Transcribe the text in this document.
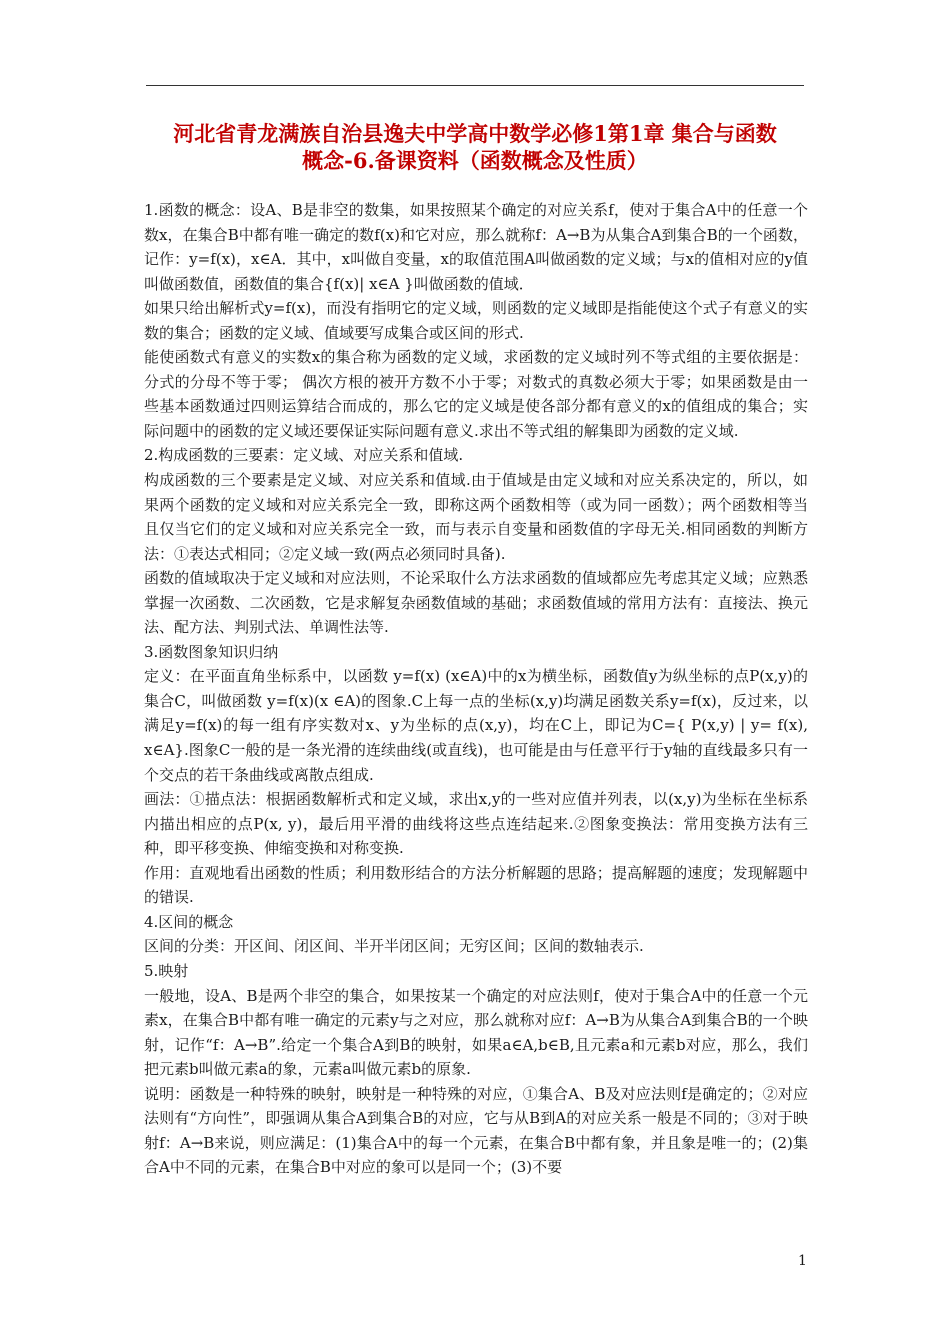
河北省青龙满族自治县逸夫中学高中数学必修1第1章 集合与函数
概念-6.备课资料（函数概念及性质）

1.函数的概念：设A、B是非空的数集，如果按照某个确定的对应关系f，使对于集合A中的任意一个数x，在集合B中都有唯一确定的数f(x)和它对应，那么就称f：A→B为从集合A到集合B的一个函数，记作：y=f(x)，x∈A．其中，x叫做自变量，x的取值范围A叫做函数的定义域；与x的值相对应的y值叫做函数值，函数值的集合{f(x)| x∈A }叫做函数的值域．

如果只给出解析式y=f(x)，而没有指明它的定义域，则函数的定义域即是指能使这个式子有意义的实数的集合；函数的定义域、值域要写成集合或区间的形式.

能使函数式有意义的实数x的集合称为函数的定义域，求函数的定义域时列不等式组的主要依据是：分式的分母不等于零； 偶次方根的被开方数不小于零；对数式的真数必须大于零；如果函数是由一些基本函数通过四则运算结合而成的，那么它的定义域是使各部分都有意义的x的值组成的集合；实际问题中的函数的定义域还要保证实际问题有意义.求出不等式组的解集即为函数的定义域.

2.构成函数的三要素：定义域、对应关系和值域.

构成函数的三个要素是定义域、对应关系和值域.由于值域是由定义域和对应关系决定的，所以，如果两个函数的定义域和对应关系完全一致，即称这两个函数相等（或为同一函数）；两个函数相等当且仅当它们的定义域和对应关系完全一致，而与表示自变量和函数值的字母无关.相同函数的判断方法：①表达式相同；②定义域一致(两点必须同时具备).

函数的值域取决于定义域和对应法则，不论采取什么方法求函数的值域都应先考虑其定义域；应熟悉掌握一次函数、二次函数，它是求解复杂函数值域的基础；求函数值域的常用方法有：直接法、换元法、配方法、判别式法、单调性法等.

3.函数图象知识归纳

定义：在平面直角坐标系中，以函数 y=f(x) (x∈A)中的x为横坐标，函数值y为纵坐标的点P(x,y)的集合C，叫做函数 y=f(x)(x ∈A)的图象.C上每一点的坐标(x,y)均满足函数关系y=f(x)，反过来，以满足y=f(x)的每一组有序实数对x、y为坐标的点(x,y)，均在C上，即记为C={ P(x,y) | y= f(x), x∈A}.图象C一般的是一条光滑的连续曲线(或直线)，也可能是由与任意平行于y轴的直线最多只有一个交点的若干条曲线或离散点组成.

画法：①描点法：根据函数解析式和定义域，求出x,y的一些对应值并列表，以(x,y)为坐标在坐标系内描出相应的点P(x, y)，最后用平滑的曲线将这些点连结起来.②图象变换法：常用变换方法有三种，即平移变换、伸缩变换和对称变换.

作用：直观地看出函数的性质；利用数形结合的方法分析解题的思路；提高解题的速度；发现解题中的错误.

4.区间的概念

区间的分类：开区间、闭区间、半开半闭区间；无穷区间；区间的数轴表示.

5.映射

一般地，设A、B是两个非空的集合，如果按某一个确定的对应法则f，使对于集合A中的任意一个元素x，在集合B中都有唯一确定的元素y与之对应，那么就称对应f：A→B为从集合A到集合B的一个映射，记作“f：A→B”.给定一个集合A到B的映射，如果a∈A,b∈B,且元素a和元素b对应，那么，我们把元素b叫做元素a的象，元素a叫做元素b的原象.

说明：函数是一种特殊的映射，映射是一种特殊的对应，①集合A、B及对应法则f是确定的；②对应法则有“方向性”，即强调从集合A到集合B的对应，它与从B到A的对应关系一般是不同的；③对于映射f：A→B来说，则应满足：(1)集合A中的每一个元素，在集合B中都有象，并且象是唯一的；(2)集合A中不同的元素，在集合B中对应的象可以是同一个；(3)不要

1
